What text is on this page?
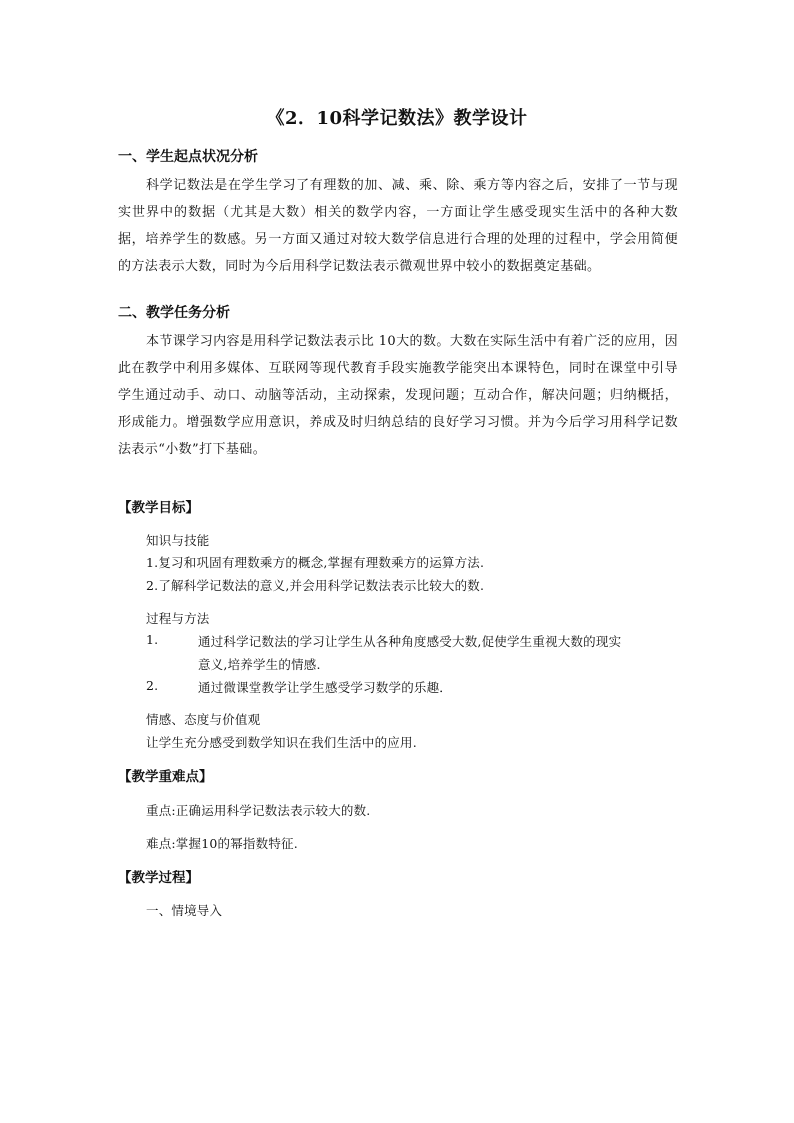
《2．10科学记数法》教学设计
一、学生起点状况分析
科学记数法是在学生学习了有理数的加、减、乘、除、乘方等内容之后，安排了一节与现实世界中的数据（尤其是大数）相关的数学内容，一方面让学生感受现实生活中的各种大数据，培养学生的数感。另一方面又通过对较大数学信息进行合理的处理的过程中，学会用简便的方法表示大数，同时为今后用科学记数法表示微观世界中较小的数据奠定基础。
二、教学任务分析
本节课学习内容是用科学记数法表示比 10大的数。大数在实际生活中有着广泛的应用，因此在教学中利用多媒体、互联网等现代教育手段实施教学能突出本课特色，同时在课堂中引导学生通过动手、动口、动脑等活动，主动探索，发现问题；互动合作，解决问题；归纳概括，形成能力。增强数学应用意识，养成及时归纳总结的良好学习习惯。并为今后学习用科学记数法表示“小数”打下基础。
【教学目标】
知识与技能
1.复习和巩固有理数乘方的概念,掌握有理数乘方的运算方法.
2.了解科学记数法的意义,并会用科学记数法表示比较大的数.
过程与方法
1.	通过科学记数法的学习让学生从各种角度感受大数,促使学生重视大数的现实
意义,培养学生的情感.
2.	通过微课堂教学让学生感受学习数学的乐趣．
情感、态度与价值观
让学生充分感受到数学知识在我们生活中的应用.
【教学重难点】
重点:正确运用科学记数法表示较大的数.
难点:掌握10的幂指数特征.
【教学过程】
一、情境导入
